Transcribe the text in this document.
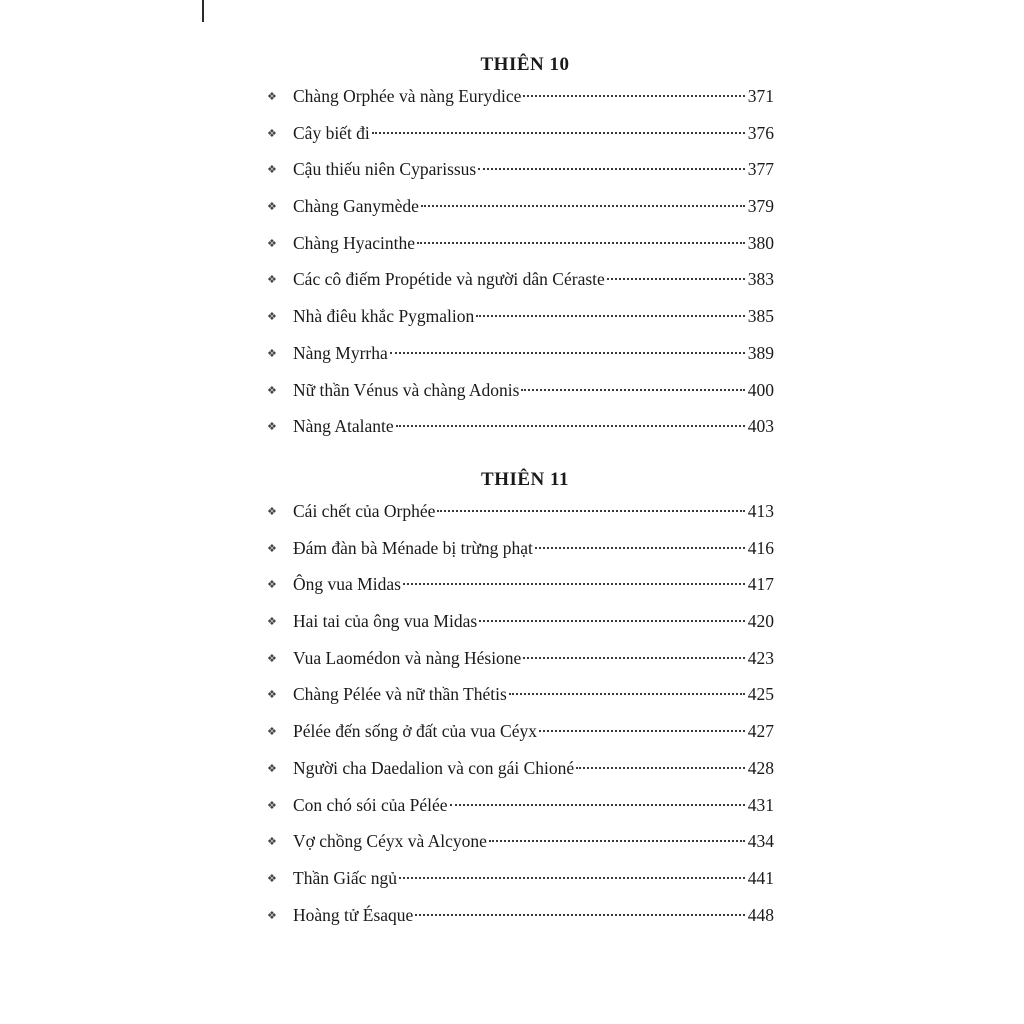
THIÊN 10
❖ Chàng Orphée và nàng Eurydice	371
❖ Cây biết đi	376
❖ Cậu thiếu niên Cyparissus	377
❖ Chàng Ganymède	379
❖ Chàng Hyacinthe	380
❖ Các cô điếm Propétide và người dân Céraste	383
❖ Nhà điêu khắc Pygmalion	385
❖ Nàng Myrrha	389
❖ Nữ thần Vénus và chàng Adonis	400
❖ Nàng Atalante	403
THIÊN 11
❖ Cái chết của Orphée	413
❖ Đám đàn bà Ménade bị trừng phạt	416
❖ Ông vua Midas	417
❖ Hai tai của ông vua Midas	420
❖ Vua Laomédon và nàng Hésione	423
❖ Chàng Pélée và nữ thần Thétis	425
❖ Pélée đến sống ở đất của vua Céyx	427
❖ Người cha Daedalion và con gái Chioné	428
❖ Con chó sói của Pélée	431
❖ Vợ chồng Céyx và Alcyone	434
❖ Thần Giấc ngủ	441
❖ Hoàng tử Ésaque	448
